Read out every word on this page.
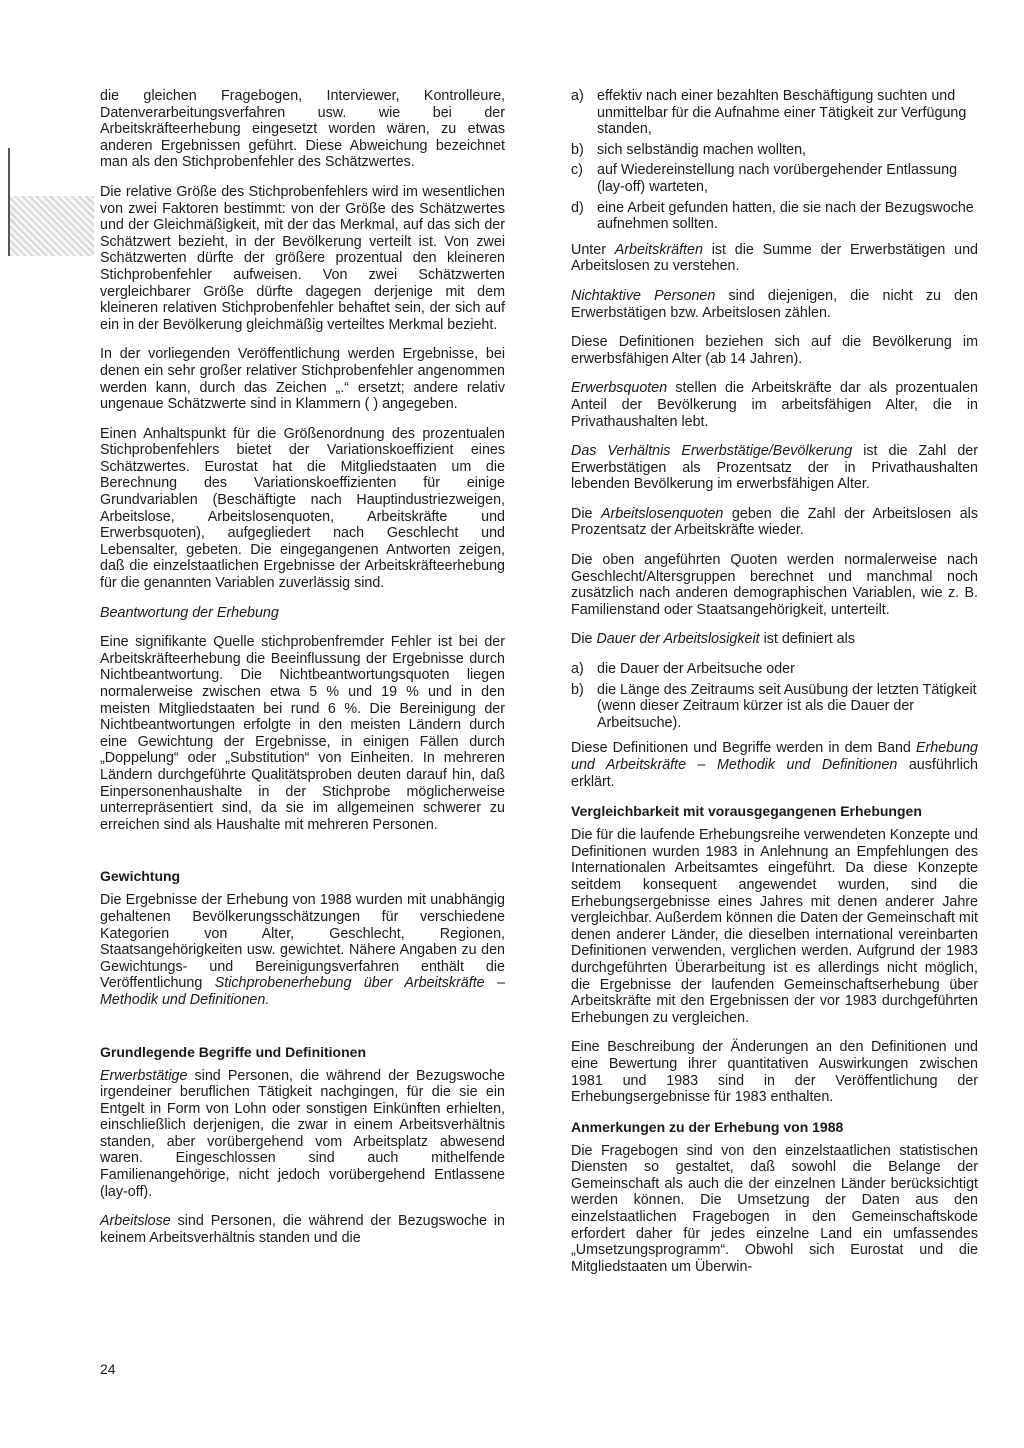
die gleichen Fragebogen, Interviewer, Kontrolleure, Datenverarbeitungsverfahren usw. wie bei der Arbeitskräfteerhebung eingesetzt worden wären, zu etwas anderen Ergebnissen geführt. Diese Abweichung bezeichnet man als den Stichprobenfehler des Schätzwertes.

Die relative Größe des Stichprobenfehlers wird im wesentlichen von zwei Faktoren bestimmt: von der Größe des Schätzwertes und der Gleichmäßigkeit, mit der das Merkmal, auf das sich der Schätzwert bezieht, in der Bevölkerung verteilt ist. Von zwei Schätzwerten dürfte der größere prozentual den kleineren Stichprobenfehler aufweisen. Von zwei Schätzwerten vergleichbarer Größe dürfte dagegen derjenige mit dem kleineren relativen Stichprobenfehler behaftet sein, der sich auf ein in der Bevölkerung gleichmäßig verteiltes Merkmal bezieht.

In der vorliegenden Veröffentlichung werden Ergebnisse, bei denen ein sehr großer relativer Stichprobenfehler angenommen werden kann, durch das Zeichen „.“ ersetzt; andere relativ ungenaue Schätzwerte sind in Klammern ( ) angegeben.

Einen Anhaltspunkt für die Größenordnung des prozentualen Stichprobenfehlers bietet der Variationskoeffizient eines Schätzwertes. Eurostat hat die Mitgliedstaaten um die Berechnung des Variationskoeffizienten für einige Grundvariablen (Beschäftigte nach Hauptindustriezweigen, Arbeitslose, Arbeitslosenquoten, Arbeitskräfte und Erwerbsquoten), aufgegliedert nach Geschlecht und Lebensalter, gebeten. Die eingegangenen Antworten zeigen, daß die einzelstaatlichen Ergebnisse der Arbeitskräfteerhebung für die genannten Variablen zuverlässig sind.

Beantwortung der Erhebung

Eine signifikante Quelle stichprobenfremder Fehler ist bei der Arbeitskräfteerhebung die Beeinflussung der Ergebnisse durch Nichtbeantwortung. Die Nichtbeantwortungsquoten liegen normalerweise zwischen etwa 5 % und 19 % und in den meisten Mitgliedstaaten bei rund 6 %. Die Bereinigung der Nichtbeantwortungen erfolgte in den meisten Ländern durch eine Gewichtung der Ergebnisse, in einigen Fällen durch „Doppelung“ oder „Substitution“ von Einheiten. In mehreren Ländern durchgeführte Qualitätsproben deuten darauf hin, daß Einpersonenhaushalte in der Stichprobe möglicherweise unterrepräsentiert sind, da sie im allgemeinen schwerer zu erreichen sind als Haushalte mit mehreren Personen.

Gewichtung

Die Ergebnisse der Erhebung von 1988 wurden mit unabhängig gehaltenen Bevölkerungsschätzungen für verschiedene Kategorien von Alter, Geschlecht, Regionen, Staatsangehörigkeiten usw. gewichtet. Nähere Angaben zu den Gewichtungs- und Bereinigungsverfahren enthält die Veröffentlichung Stichprobenerhebung über Arbeitskräfte – Methodik und Definitionen.

Grundlegende Begriffe und Definitionen

Erwerbstätige sind Personen, die während der Bezugswoche irgendeiner beruflichen Tätigkeit nachgingen, für die sie ein Entgelt in Form von Lohn oder sonstigen Einkünften erhielten, einschließlich derjenigen, die zwar in einem Arbeitsverhältnis standen, aber vorübergehend vom Arbeitsplatz abwesend waren. Eingeschlossen sind auch mithelfende Familienangehörige, nicht jedoch vorübergehend Entlassene (lay-off).

Arbeitslose sind Personen, die während der Bezugswoche in keinem Arbeitsverhältnis standen und die

a) effektiv nach einer bezahlten Beschäftigung suchten und unmittelbar für die Aufnahme einer Tätigkeit zur Verfügung standen,
b) sich selbständig machen wollten,
c) auf Wiedereinstellung nach vorübergehender Entlassung (lay-off) warteten,
d) eine Arbeit gefunden hatten, die sie nach der Bezugswoche aufnehmen sollten.

Unter Arbeitskräften ist die Summe der Erwerbstätigen und Arbeitslosen zu verstehen.

Nichtaktive Personen sind diejenigen, die nicht zu den Erwerbstätigen bzw. Arbeitslosen zählen.

Diese Definitionen beziehen sich auf die Bevölkerung im erwerbsfähigen Alter (ab 14 Jahren).

Erwerbsquoten stellen die Arbeitskräfte dar als prozentualen Anteil der Bevölkerung im arbeitsfähigen Alter, die in Privathaushalten lebt.

Das Verhältnis Erwerbstätige/Bevölkerung ist die Zahl der Erwerbstätigen als Prozentsatz der in Privathaushalten lebenden Bevölkerung im erwerbsfähigen Alter.

Die Arbeitslosenquoten geben die Zahl der Arbeitslosen als Prozentsatz der Arbeitskräfte wieder.

Die oben angeführten Quoten werden normalerweise nach Geschlecht/Altersgruppen berechnet und manchmal noch zusätzlich nach anderen demographischen Variablen, wie z. B. Familienstand oder Staatsangehörigkeit, unterteilt.

Die Dauer der Arbeitslosigkeit ist definiert als

a) die Dauer der Arbeitsuche oder
b) die Länge des Zeitraums seit Ausübung der letzten Tätigkeit (wenn dieser Zeitraum kürzer ist als die Dauer der Arbeitsuche).

Diese Definitionen und Begriffe werden in dem Band Erhebung und Arbeitskräfte – Methodik und Definitionen ausführlich erklärt.

Vergleichbarkeit mit vorausgegangenen Erhebungen

Die für die laufende Erhebungsreihe verwendeten Konzepte und Definitionen wurden 1983 in Anlehnung an Empfehlungen des Internationalen Arbeitsamtes eingeführt. Da diese Konzepte seitdem konsequent angewendet wurden, sind die Erhebungsergebnisse eines Jahres mit denen anderer Jahre vergleichbar. Außerdem können die Daten der Gemeinschaft mit denen anderer Länder, die dieselben international vereinbarten Definitionen verwenden, verglichen werden. Aufgrund der 1983 durchgeführten Überarbeitung ist es allerdings nicht möglich, die Ergebnisse der laufenden Gemeinschaftserhebung über Arbeitskräfte mit den Ergebnissen der vor 1983 durchgeführten Erhebungen zu vergleichen.

Eine Beschreibung der Änderungen an den Definitionen und eine Bewertung ihrer quantitativen Auswirkungen zwischen 1981 und 1983 sind in der Veröffentlichung der Erhebungsergebnisse für 1983 enthalten.

Anmerkungen zu der Erhebung von 1988

Die Fragebogen sind von den einzelstaatlichen statistischen Diensten so gestaltet, daß sowohl die Belange der Gemeinschaft als auch die der einzelnen Länder berücksichtigt werden können. Die Umsetzung der Daten aus den einzelstaatlichen Fragebogen in den Gemeinschaftskode erfordert daher für jedes einzelne Land ein umfassendes „Umsetzungsprogramm“. Obwohl sich Eurostat und die Mitgliedstaaten um Überwin-

24
